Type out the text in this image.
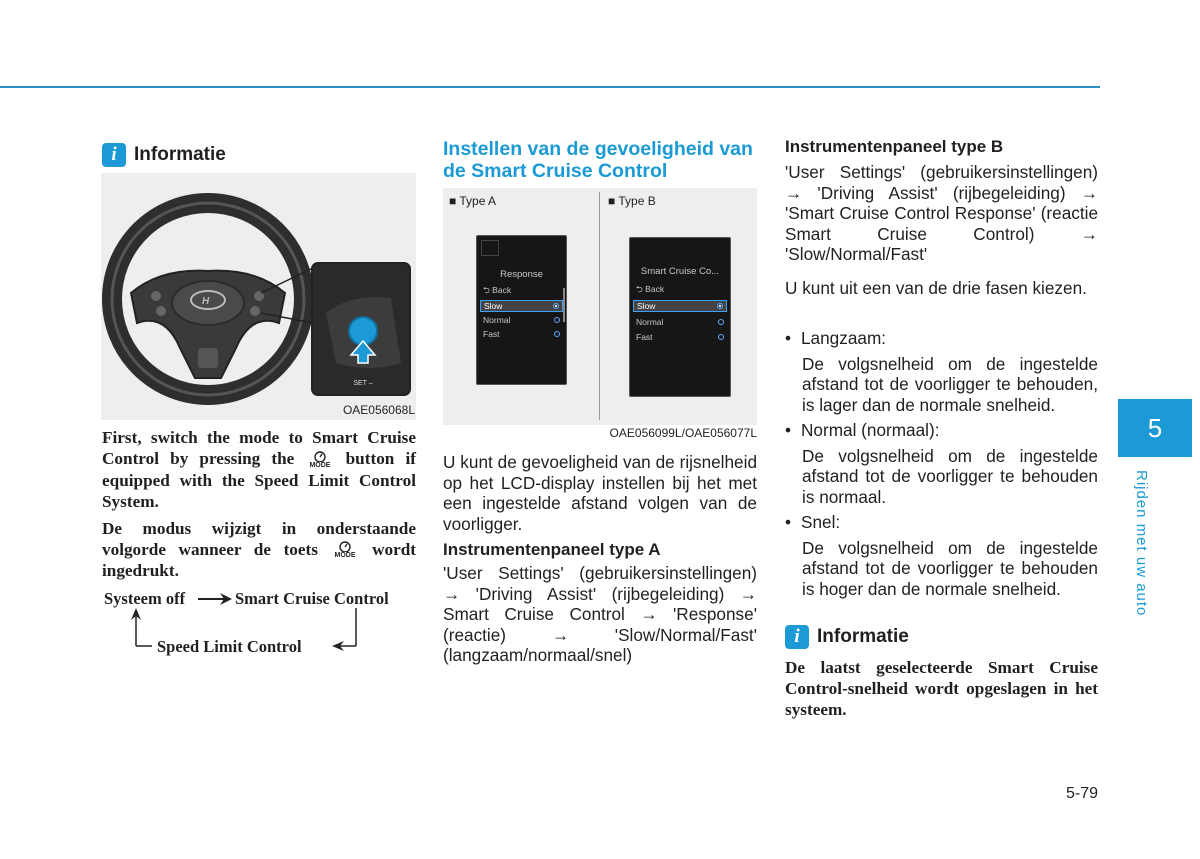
i Informatie
H
SET –
OAE056068L

First, switch the mode to Smart Cruise Control by pressing the MODE button if equipped with the Speed Limit Control System.

De modus wijzigt in onderstaande volgorde wanneer de toets MODE wordt ingedrukt.

Systeem off	Smart Cruise Control
Speed Limit Control
Instellen van de gevoeligheid van de Smart Cruise Control
■ Type A	■ Type B
Response
⮌ Back
Slow
Normal
Fast
Smart Cruise Co...
⮌ Back
Slow
Normal
Fast
OAE056099L/OAE056077L

U kunt de gevoeligheid van de rijsnelheid op het LCD-display instellen bij het met een ingestelde afstand volgen van de voorligger.

Instrumentenpaneel type A

'User Settings' (gebruikersinstellingen) → 'Driving Assist' (rijbegeleiding) → Smart Cruise Control → 'Response' (reactie) → 'Slow/Normal/Fast' (langzaam/normaal/snel)

Instrumentenpaneel type B

'User Settings' (gebruikersinstellingen) → 'Driving Assist' (rijbegeleiding) → 'Smart Cruise Control Response' (reactie Smart Cruise Control) → 'Slow/Normal/Fast'

U kunt uit een van de drie fasen kiezen.

• Langzaam:
De volgsnelheid om de ingestelde afstand tot de voorligger te behouden, is lager dan de normale snelheid.
• Normal (normaal):
De volgsnelheid om de ingestelde afstand tot de voorligger te behouden is normaal.
• Snel:
De volgsnelheid om de ingestelde afstand tot de voorligger te behouden is hoger dan de normale snelheid.
i Informatie

De laatst geselecteerde Smart Cruise Control-snelheid wordt opgeslagen in het systeem.

5
Rijden met uw auto
5-79
